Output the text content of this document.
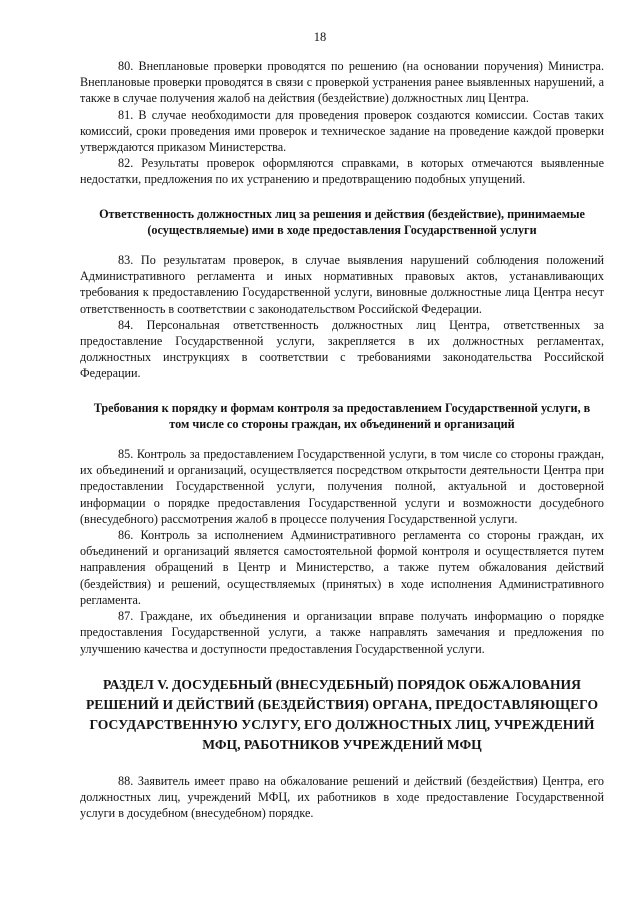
18

80. Внеплановые проверки проводятся по решению (на основании поручения) Министра. Внеплановые проверки проводятся в связи с проверкой устранения ранее выявленных нарушений, а также в случае получения жалоб на действия (бездействие) должностных лиц Центра.

81. В случае необходимости для проведения проверок создаются комиссии. Состав таких комиссий, сроки проведения ими проверок и техническое задание на проведение каждой проверки утверждаются приказом Министерства.

82. Результаты проверок оформляются справками, в которых отмечаются выявленные недостатки, предложения по их устранению и предотвращению подобных упущений.

Ответственность должностных лиц за решения и действия (бездействие), принимаемые (осуществляемые) ими в ходе предоставления Государственной услуги

83. По результатам проверок, в случае выявления нарушений соблюдения положений Административного регламента и иных нормативных правовых актов, устанавливающих требования к предоставлению Государственной услуги, виновные должностные лица Центра несут ответственность в соответствии с законодательством Российской Федерации.

84. Персональная ответственность должностных лиц Центра, ответственных за предоставление Государственной услуги, закрепляется в их должностных регламентах, должностных инструкциях в соответствии с требованиями законодательства Российской Федерации.

Требования к порядку и формам контроля за предоставлением Государственной услуги, в том числе со стороны граждан, их объединений и организаций

85. Контроль за предоставлением Государственной услуги, в том числе со стороны граждан, их объединений и организаций, осуществляется посредством открытости деятельности Центра при предоставлении Государственной услуги, получения полной, актуальной и достоверной информации о порядке предоставления Государственной услуги и возможности досудебного (внесудебного) рассмотрения жалоб в процессе получения Государственной услуги.

86. Контроль за исполнением Административного регламента со стороны граждан, их объединений и организаций является самостоятельной формой контроля и осуществляется путем направления обращений в Центр и Министерство, а также путем обжалования действий (бездействия) и решений, осуществляемых (принятых) в ходе исполнения Административного регламента.

87. Граждане, их объединения и организации вправе получать информацию о порядке предоставления Государственной услуги, а также направлять замечания и предложения по улучшению качества и доступности предоставления Государственной услуги.

РАЗДЕЛ V. ДОСУДЕБНЫЙ (ВНЕСУДЕБНЫЙ) ПОРЯДОК ОБЖАЛОВАНИЯ РЕШЕНИЙ И ДЕЙСТВИЙ (БЕЗДЕЙСТВИЯ) ОРГАНА, ПРЕДОСТАВЛЯЮЩЕГО ГОСУДАРСТВЕННУЮ УСЛУГУ, ЕГО ДОЛЖНОСТНЫХ ЛИЦ, УЧРЕЖДЕНИЙ МФЦ, РАБОТНИКОВ УЧРЕЖДЕНИЙ МФЦ

88. Заявитель имеет право на обжалование решений и действий (бездействия) Центра, его должностных лиц, учреждений МФЦ, их работников в ходе предоставление Государственной услуги в досудебном (внесудебном) порядке.
